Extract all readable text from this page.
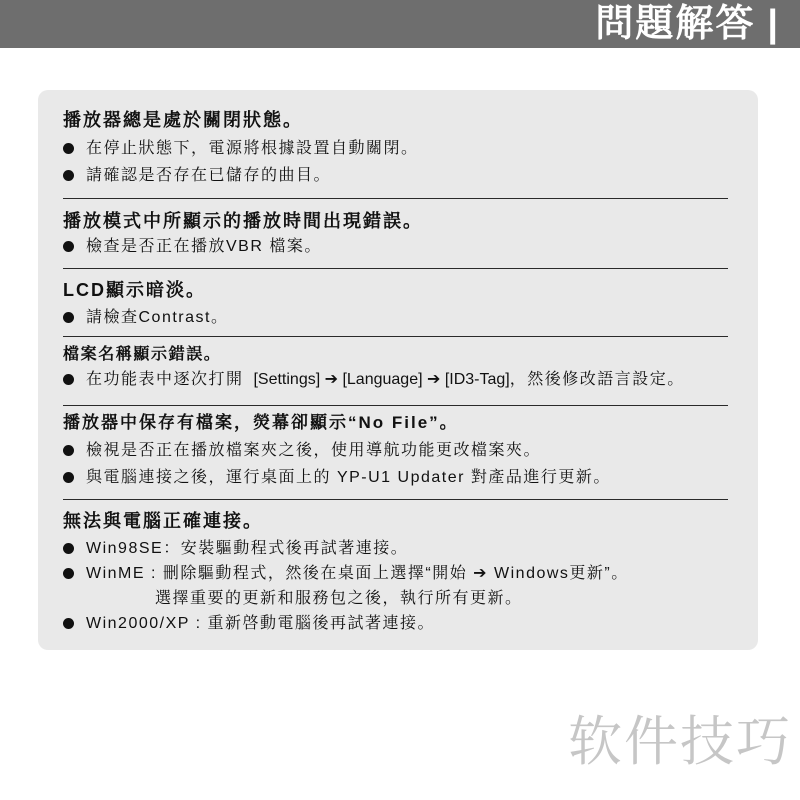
問題解答 |
播放器總是處於關閉狀態。
在停止狀態下，電源將根據設置自動關閉。
請確認是否存在已儲存的曲目。
播放模式中所顯示的播放時間出現錯誤。
檢查是否正在播放VBR 檔案。
LCD顯示暗淡。
請檢查Contrast。
檔案名稱顯示錯誤。
在功能表中逐次打開 [Settings] ➔ [Language] ➔ [ID3-Tag]，然後修改語言設定。
播放器中保存有檔案，熒幕卻顯示“No File”。
檢視是否正在播放檔案夾之後，使用導航功能更改檔案夾。
與電腦連接之後，運行桌面上的 YP-U1 Updater 對產品進行更新。
無法與電腦正確連接。
Win98SE：安裝驅動程式後再試著連接。
WinME : 刪除驅動程式，然後在桌面上選擇“開始 ➔ Windows更新”。
選擇重要的更新和服務包之後，執行所有更新。
Win2000/XP : 重新啓動電腦後再試著連接。
软件技巧
